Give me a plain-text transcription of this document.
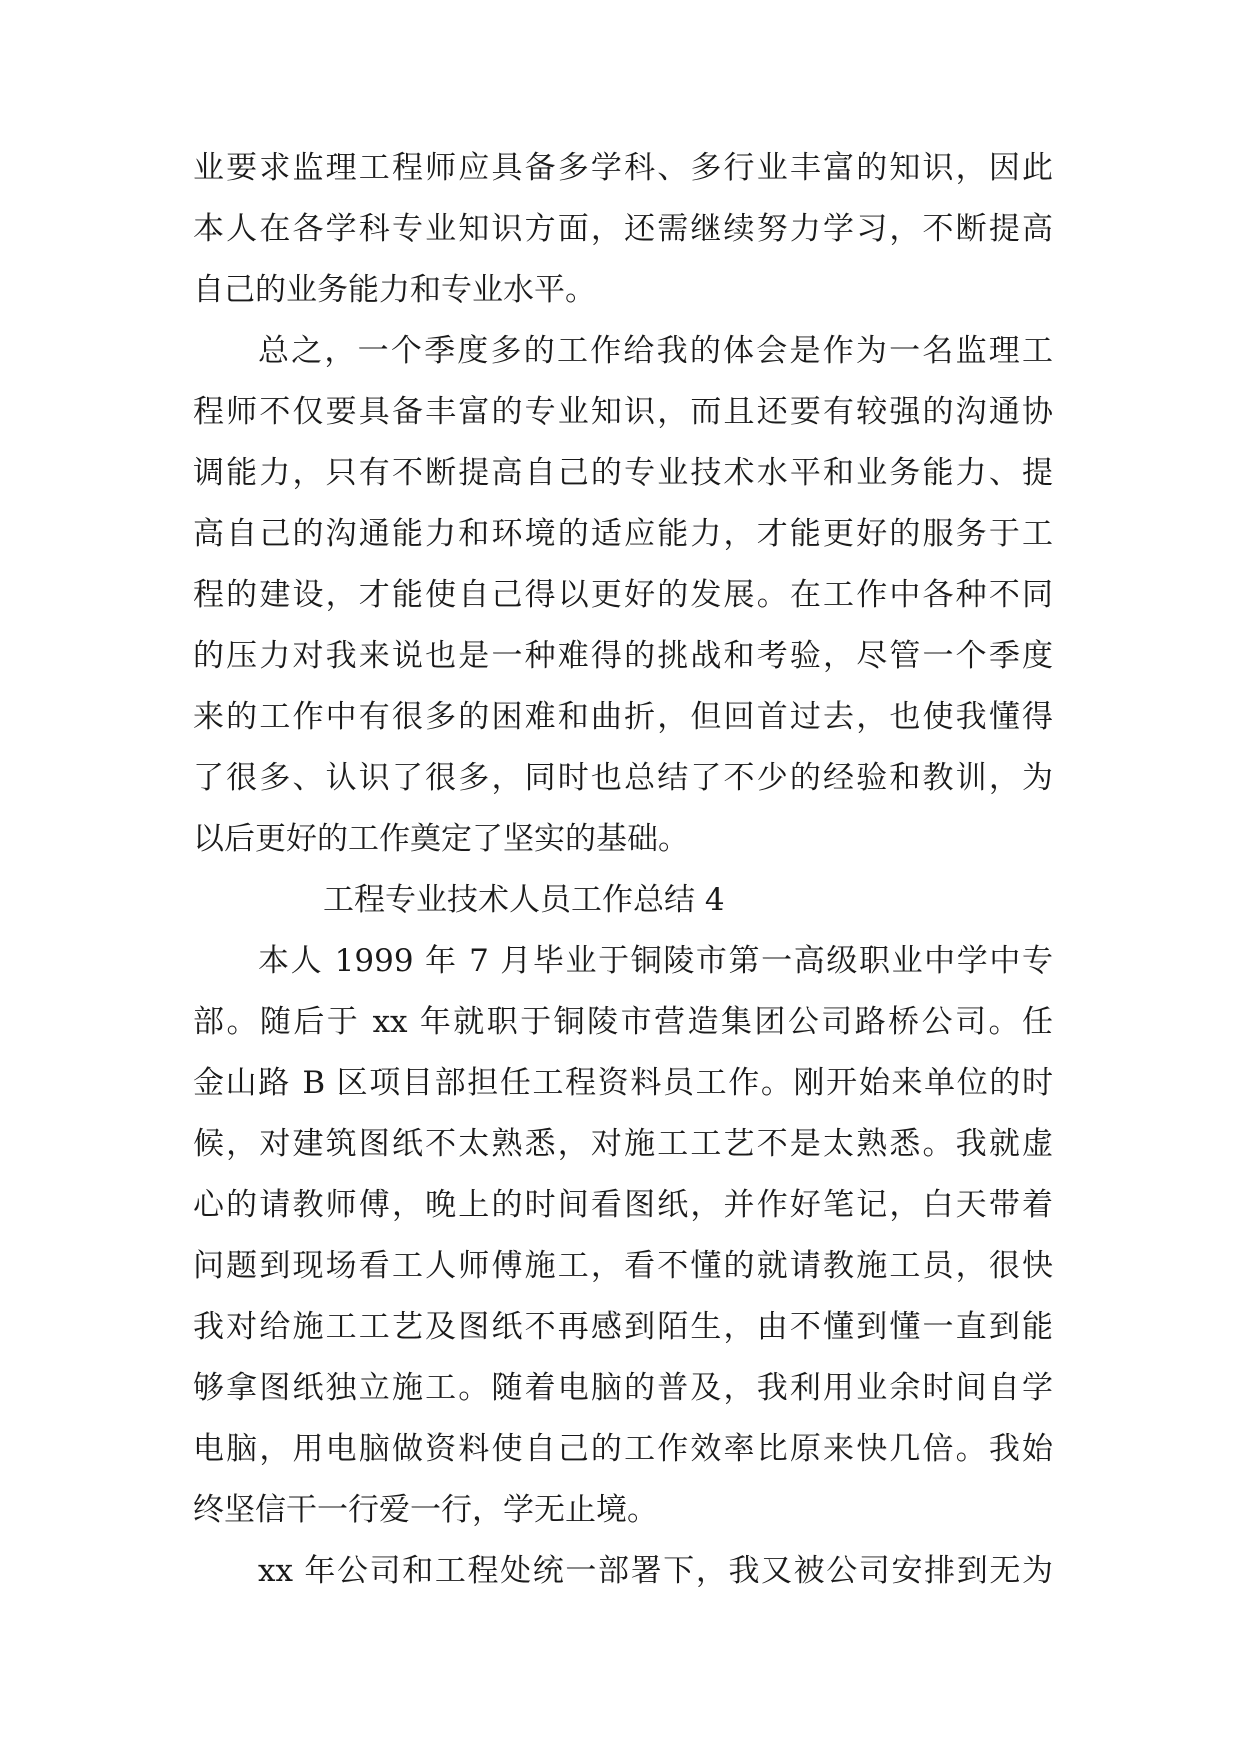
业要求监理工程师应具备多学科、多行业丰富的知识，因此
本人在各学科专业知识方面，还需继续努力学习，不断提高
自己的业务能力和专业水平。
总之，一个季度多的工作给我的体会是作为一名监理工
程师不仅要具备丰富的专业知识，而且还要有较强的沟通协
调能力，只有不断提高自己的专业技术水平和业务能力、提
高自己的沟通能力和环境的适应能力，才能更好的服务于工
程的建设，才能使自己得以更好的发展。在工作中各种不同
的压力对我来说也是一种难得的挑战和考验，尽管一个季度
来的工作中有很多的困难和曲折，但回首过去，也使我懂得
了很多、认识了很多，同时也总结了不少的经验和教训，为
以后更好的工作奠定了坚实的基础。
工程专业技术人员工作总结 4
本人 1999 年 7 月毕业于铜陵市第一高级职业中学中专
部。随后于 xx 年就职于铜陵市营造集团公司路桥公司。任
金山路 B 区项目部担任工程资料员工作。刚开始来单位的时
候，对建筑图纸不太熟悉，对施工工艺不是太熟悉。我就虚
心的请教师傅，晚上的时间看图纸，并作好笔记，白天带着
问题到现场看工人师傅施工，看不懂的就请教施工员，很快
我对给施工工艺及图纸不再感到陌生，由不懂到懂一直到能
够拿图纸独立施工。随着电脑的普及，我利用业余时间自学
电脑，用电脑做资料使自己的工作效率比原来快几倍。我始
终坚信干一行爱一行，学无止境。
xx 年公司和工程处统一部署下，我又被公司安排到无为
